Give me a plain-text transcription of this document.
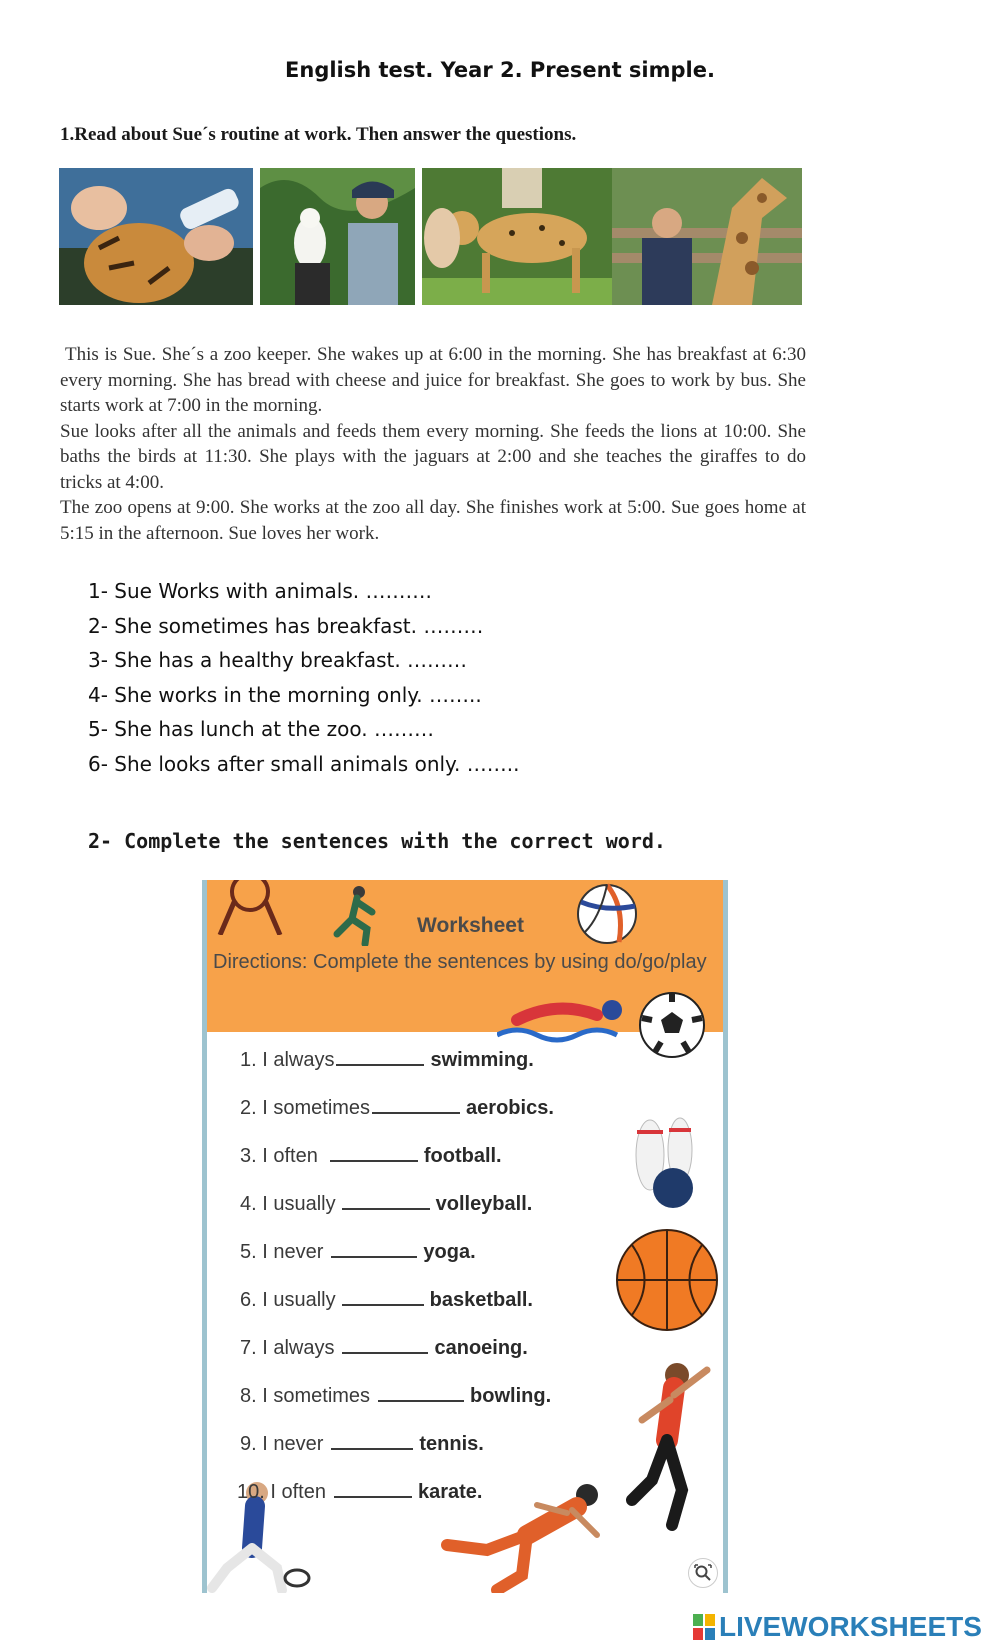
English test. Year 2. Present simple.
1.Read about Sue´s routine at work. Then answer the questions.

This is Sue. She´s a zoo keeper. She wakes up at 6:00 in the morning. She has breakfast at 6:30 every morning. She has bread with cheese and juice for breakfast. She goes to work by bus. She starts work at 7:00 in the morning.

Sue looks after all the animals and feeds them every morning. She feeds the lions at 10:00. She baths the birds at 11:30. She plays with the jaguars at 2:00 and she teaches the giraffes to do tricks at 4:00.

The zoo opens at 9:00. She works at the zoo all day. She finishes work at 5:00. Sue goes home at 5:15 in the afternoon. Sue loves her work.

1- Sue Works with animals. ……….
2- She sometimes has breakfast. ………
3- She has a healthy breakfast. ………
4- She works in the morning only. ……..
5- She has lunch at the zoo. ………
6- She looks after small animals only. ……..
2- Complete the sentences with the correct word.
Worksheet
Directions: Complete the sentences by using do/go/play
1. I always	swimming.
2. I sometimes	aerobics.
3. I often	football.
4. I usually	volleyball.
5. I never	yoga.
6. I usually	basketball.
7. I always	canoeing.
8. I sometimes	bowling.
9. I never	tennis.
10. I often	karate.
LIVEWORKSHEETS
